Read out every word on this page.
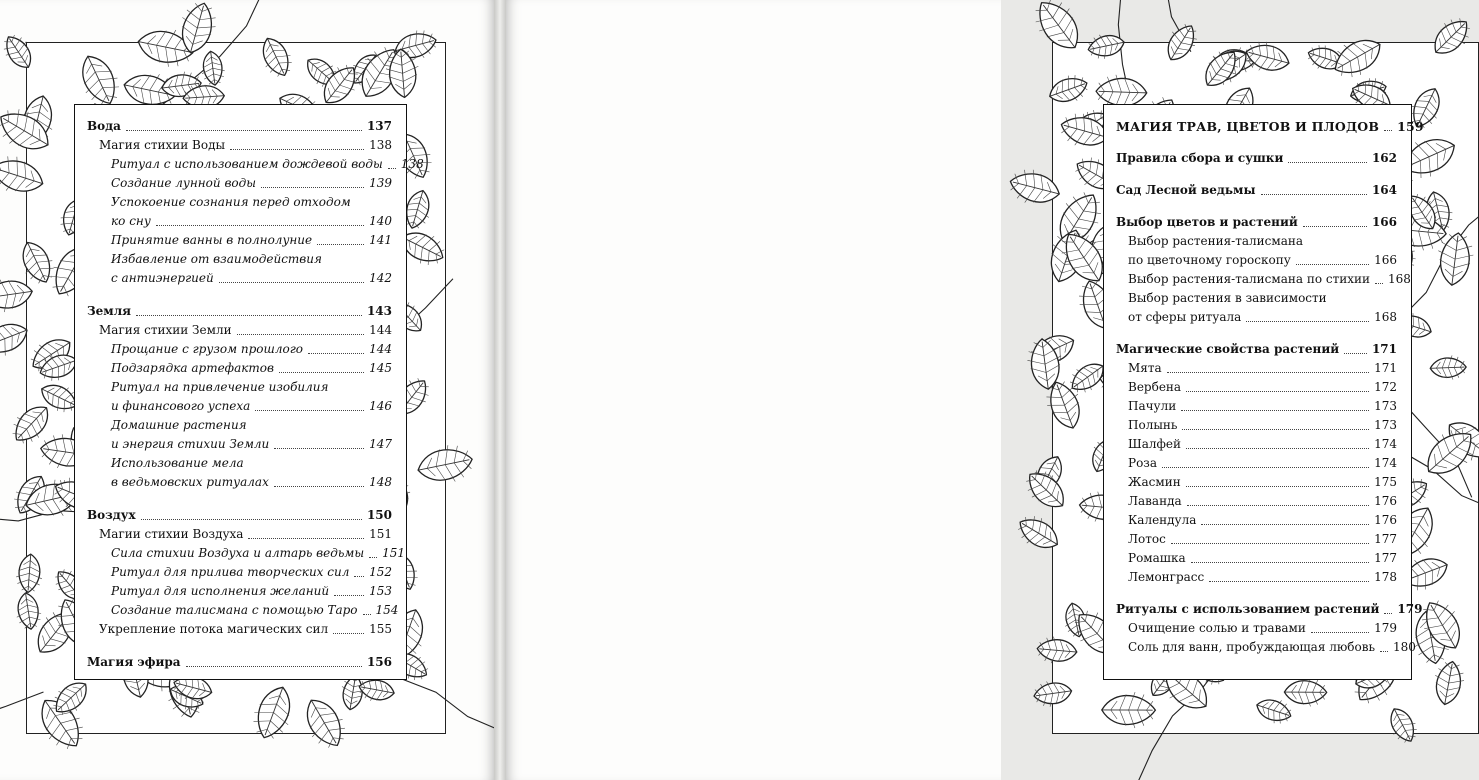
Вода	137
Магия стихии Воды	138
Ритуал с использованием дождевой воды 138
Создание лунной воды	139
Успокоение сознания перед отходом
ко сну	140
Принятие ванны в полнолуние	141
Избавление от взаимодействия
с антиэнергией	142
Земля	143
Магия стихии Земли	144
Прощание с грузом прошлого	144
Подзарядка артефактов	145
Ритуал на привлечение изобилия
и финансового успеха	146
Домашние растения
и энергия стихии Земли	147
Использование мела
в ведьмовских ритуалах	148
Воздух	150
Магии стихии Воздуха	151
Сила стихии Воздуха и алтарь ведьмы 151
Ритуал для прилива творческих сил 152
Ритуал для исполнения желаний	153
Создание талисмана с помощью Таро 154
Укрепление потока магических сил	155
Магия эфира	156
МАГИЯ ТРАВ, ЦВЕТОВ И ПЛОДОВ 159
Правила сбора и сушки	162
Сад Лесной ведьмы	164
Выбор цветов и растений	166
Выбор растения-талисмана
по цветочному гороскопу	166
Выбор растения-талисмана по стихии 168
Выбор растения в зависимости
от сферы ритуала	168
Магические свойства растений	171
Мята	171
Вербена	172
Пачули	173
Полынь	173
Шалфей	174
Роза	174
Жасмин	175
Лаванда	176
Календула	176
Лотос	177
Ромашка	177
Лемонграсс	178
Ритуалы с использованием растений 179
Очищение солью и травами	179
Соль для ванн, пробуждающая любовь 180
